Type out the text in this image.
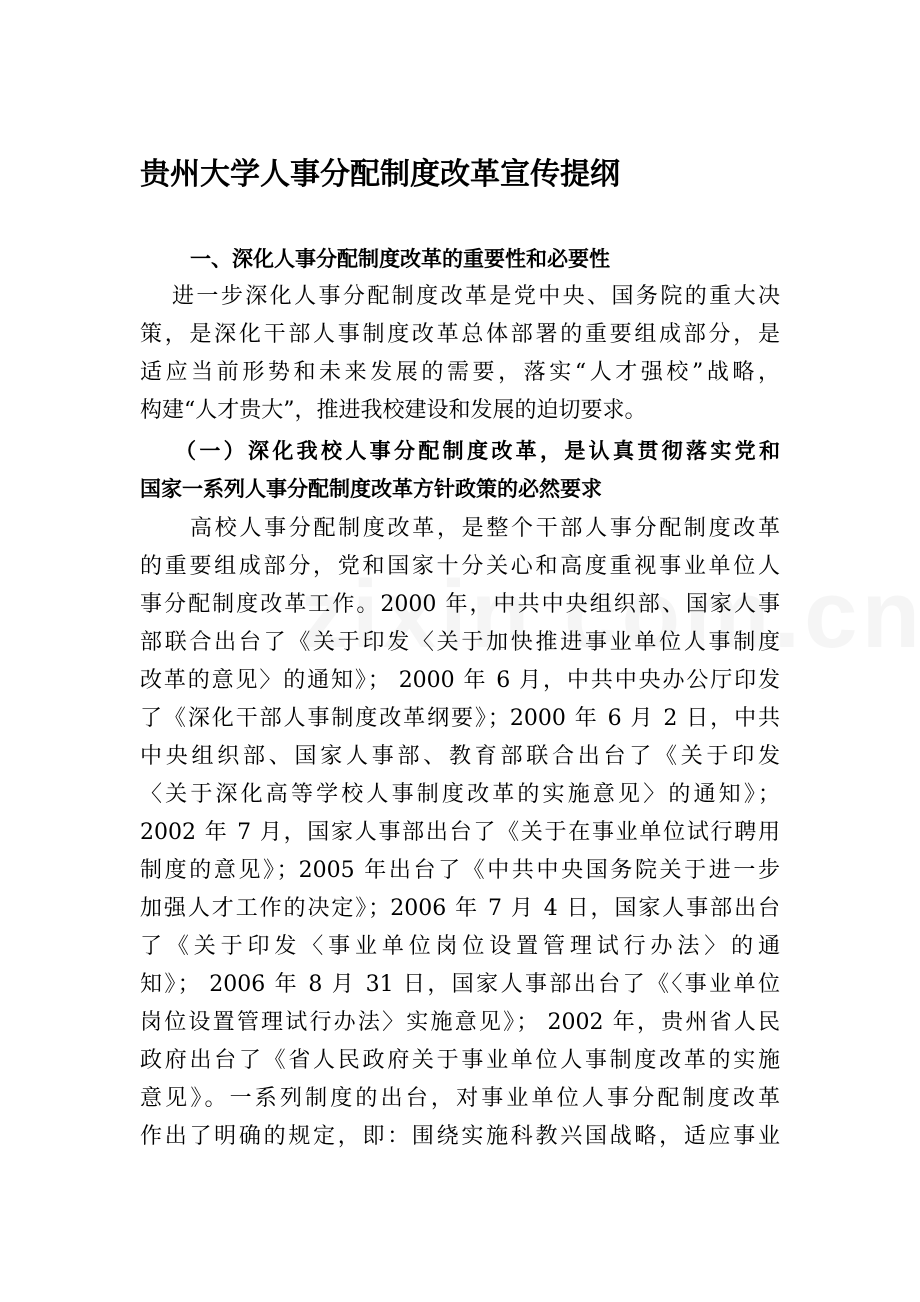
贵州大学人事分配制度改革宣传提纲
一、深化人事分配制度改革的重要性和必要性
进一步深化人事分配制度改革是党中央、国务院的重大决
策，是深化干部人事制度改革总体部署的重要组成部分，是
适应当前形势和未来发展的需要，落实“人才强校”战略，
构建“人才贵大”，推进我校建设和发展的迫切要求。
（一）深化我校人事分配制度改革，是认真贯彻落实党和
国家一系列人事分配制度改革方针政策的必然要求
高校人事分配制度改革，是整个干部人事分配制度改革
的重要组成部分，党和国家十分关心和高度重视事业单位人
事分配制度改革工作。2000 年，中共中央组织部、国家人事
部联合出台了《关于印发〈关于加快推进事业单位人事制度
改革的意见〉的通知》； 2000 年 6 月，中共中央办公厅印发
了《深化干部人事制度改革纲要》；2000 年 6 月 2 日，中共
中央组织部、国家人事部、教育部联合出台了《关于印发
〈关于深化高等学校人事制度改革的实施意见〉的通知》；
2002 年 7 月，国家人事部出台了《关于在事业单位试行聘用
制度的意见》；2005 年出台了《中共中央国务院关于进一步
加强人才工作的决定》；2006 年 7 月 4 日，国家人事部出台
了《关于印发〈事业单位岗位设置管理试行办法〉的通
知》； 2006 年 8 月 31 日，国家人事部出台了《〈事业单位
岗位设置管理试行办法〉实施意见》； 2002 年，贵州省人民
政府出台了《省人民政府关于事业单位人事制度改革的实施
意见》。一系列制度的出台，对事业单位人事分配制度改革
作出了明确的规定，即：围绕实施科教兴国战略，适应事业
